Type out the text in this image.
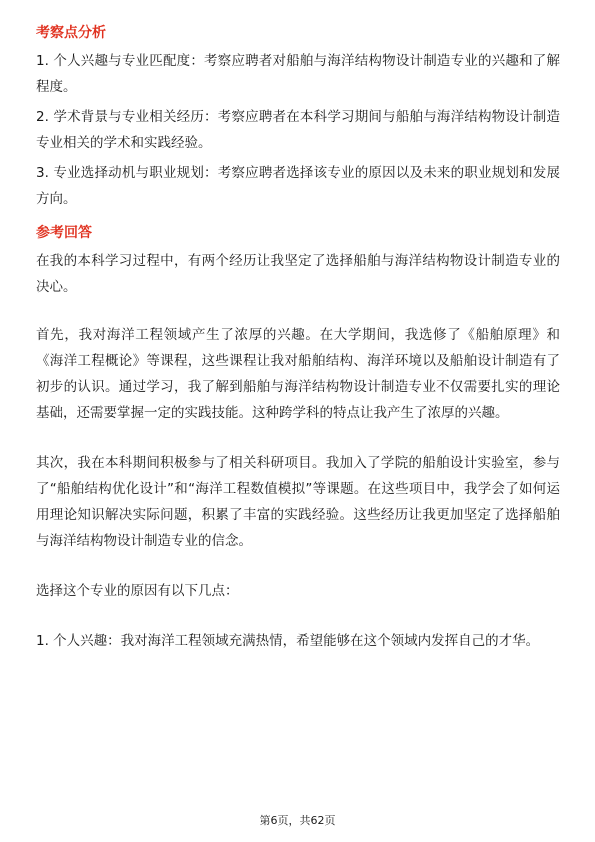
考察点分析

1. 个人兴趣与专业匹配度：考察应聘者对船舶与海洋结构物设计制造专业的兴趣和了解程度。

2. 学术背景与专业相关经历：考察应聘者在本科学习期间与船舶与海洋结构物设计制造专业相关的学术和实践经验。

3. 专业选择动机与职业规划：考察应聘者选择该专业的原因以及未来的职业规划和发展方向。

参考回答

在我的本科学习过程中，有两个经历让我坚定了选择船舶与海洋结构物设计制造专业的决心。

首先，我对海洋工程领域产生了浓厚的兴趣。在大学期间，我选修了《船舶原理》和《海洋工程概论》等课程，这些课程让我对船舶结构、海洋环境以及船舶设计制造有了初步的认识。通过学习，我了解到船舶与海洋结构物设计制造专业不仅需要扎实的理论基础，还需要掌握一定的实践技能。这种跨学科的特点让我产生了浓厚的兴趣。

其次，我在本科期间积极参与了相关科研项目。我加入了学院的船舶设计实验室，参与了“船舶结构优化设计”和“海洋工程数值模拟”等课题。在这些项目中，我学会了如何运用理论知识解决实际问题，积累了丰富的实践经验。这些经历让我更加坚定了选择船舶与海洋结构物设计制造专业的信念。

选择这个专业的原因有以下几点：

1. 个人兴趣：我对海洋工程领域充满热情，希望能够在这个领域内发挥自己的才华。

第6页，共62页
